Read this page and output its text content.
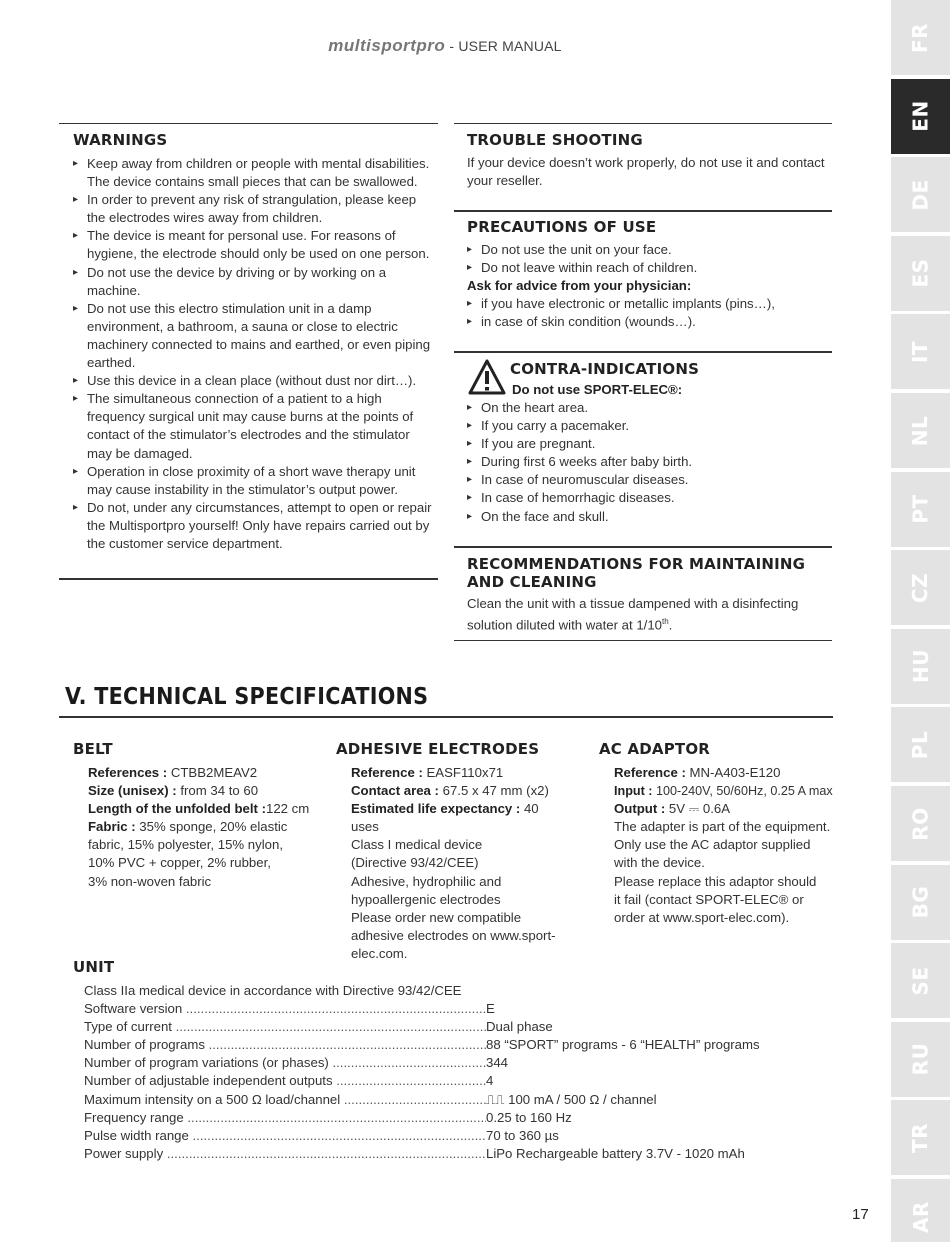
multisportpro - USER MANUAL	FR
EN
DE
ES
IT
NL
PT
CZ
HU
PL
RO
BG
SE
RU
TR
AR
WARNINGS
▸ Keep away from children or people with mental disabilities. The device contains small pieces that can be swallowed.
▸ In order to prevent any risk of strangulation, please keep the electrodes wires away from children.
▸ The device is meant for personal use. For reasons of hygiene, the electrode should only be used on one person.
▸ Do not use the device by driving or by working on a machine.
▸ Do not use this electro stimulation unit in a damp environment, a bathroom, a sauna or close to electric machinery connected to mains and earthed, or even piping earthed.
▸ Use this device in a clean place (without dust nor dirt…).
▸ The simultaneous connection of a patient to a high frequency surgical unit may cause burns at the points of contact of the stimulator’s electrodes and the stimulator may be damaged.
▸ Operation in close proximity of a short wave therapy unit may cause instability in the stimulator’s output power.
▸ Do not, under any circumstances, attempt to open or repair the Multisportpro yourself! Only have repairs carried out by the customer service department.
TROUBLE SHOOTING

If your device doesn’t work properly, do not use it and contact your reseller.

PRECAUTIONS OF USE
▸ Do not use the unit on your face.
▸ Do not leave within reach of children.

Ask for advice from your physician:

▸ if you have electronic or metallic implants (pins…),
▸ in case of skin condition (wounds…).
CONTRA-INDICATIONS
Do not use SPORT-ELEC®:
▸ On the heart area.
▸ If you carry a pacemaker.
▸ If you are pregnant.
▸ During first 6 weeks after baby birth.
▸ In case of neuromuscular diseases.
▸ In case of hemorrhagic diseases.
▸ On the face and skull.
RECOMMENDATIONS FOR MAINTAINING
AND CLEANING

Clean the unit with a tissue dampened with a disinfecting solution diluted with water at 1/10th.

V. TECHNICAL SPECIFICATIONS
BELT
References : CTBB2MEAV2
Size (unisex) : from 34 to 60
Length of the unfolded belt :122 cm
Fabric : 35% sponge, 20% elastic fabric, 15% polyester, 15% nylon, 10% PVC + copper, 2% rubber, 3% non-woven fabric
ADHESIVE ELECTRODES
Reference : EASF110x71
Contact area : 67.5 x 47 mm (x2)
Estimated life expectancy : 40 uses
Class I medical device (Directive 93/42/CEE)
Adhesive, hydrophilic and hypoallergenic electrodes
Please order new compatible adhesive electrodes on www.sport-elec.com.
AC ADAPTOR
Reference : MN-A403-E120
Input : 100-240V, 50/60Hz, 0.25 A max
Output : 5V ⎓ 0.6A
The adapter is part of the equipment. Only use the AC adaptor supplied with the device.
Please replace this adaptor should it fail (contact SPORT-ELEC® or order at www.sport-elec.com).
UNIT
Class IIa medical device in accordance with Directive 93/42/CEE
Software version .....	E
Type of current .....	Dual phase
Number of programs .....	88 “SPORT” programs - 6 “HEALTH” programs
Number of program variations (or phases) .....	344
Number of adjustable independent outputs .....	4
Maximum intensity on a 500 Ω load/channel .....	⎍⎍ 100 mA / 500 Ω / channel
Frequency range .....	0.25 to 160 Hz
Pulse width range .....	70 to 360 µs
Power supply .....	LiPo Rechargeable battery 3.7V - 1020 mAh
17
